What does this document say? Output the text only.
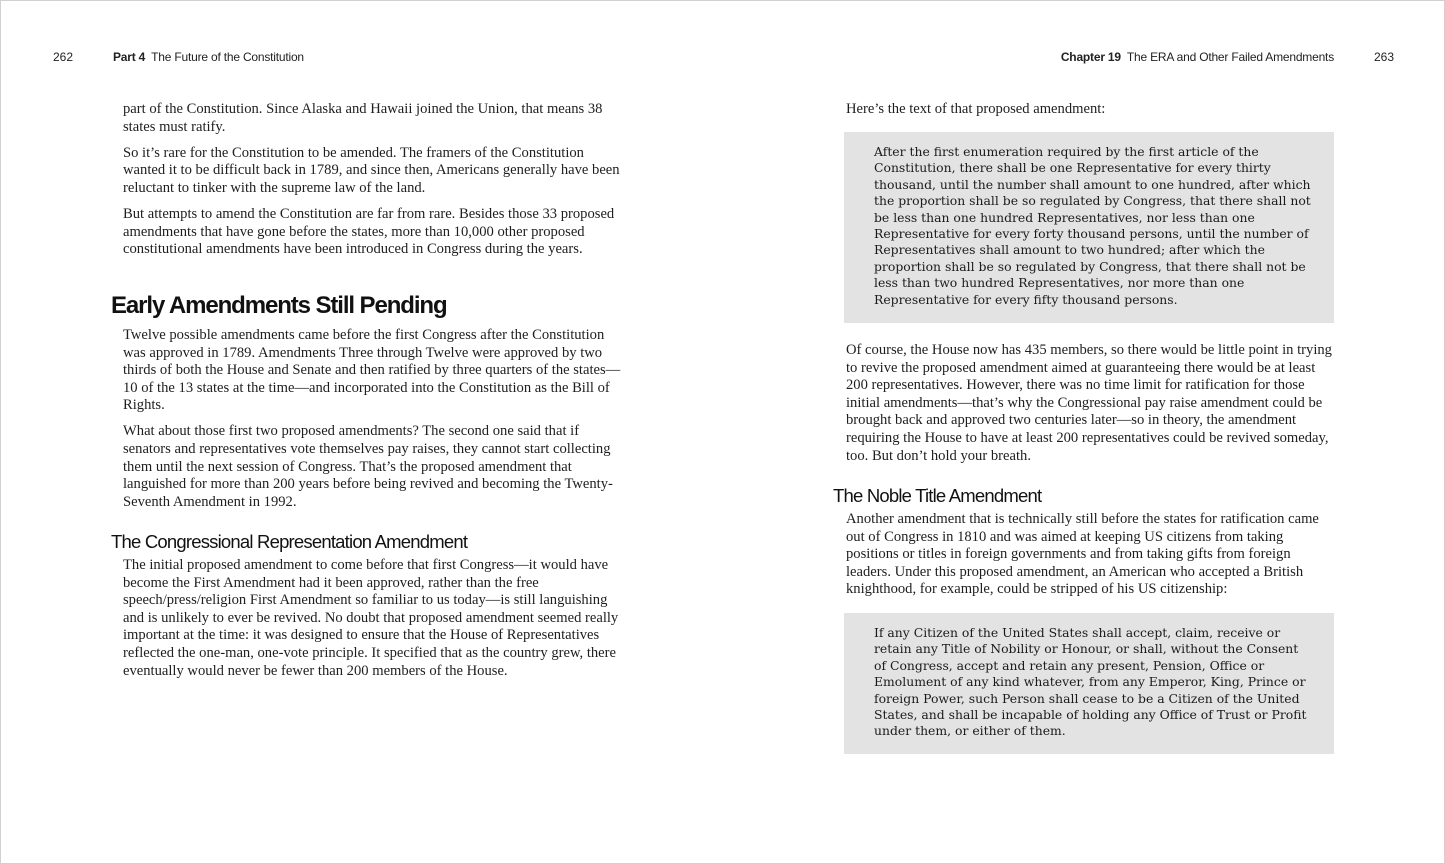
262	Part 4 The Future of the Constitution

part of the Constitution. Since Alaska and Hawaii joined the Union, that means 38 states must ratify.

So it’s rare for the Constitution to be amended. The framers of the Constitution wanted it to be difficult back in 1789, and since then, Americans generally have been reluctant to tinker with the supreme law of the land.

But attempts to amend the Constitution are far from rare. Besides those 33 proposed amendments that have gone before the states, more than 10,000 other proposed constitutional amendments have been introduced in Congress during the years.

Early Amendments Still Pending

Twelve possible amendments came before the first Congress after the Constitution was approved in 1789. Amendments Three through Twelve were approved by two thirds of both the House and Senate and then ratified by three quarters of the states—10 of the 13 states at the time—and incorporated into the Constitution as the Bill of Rights.

What about those first two proposed amendments? The second one said that if senators and representatives vote themselves pay raises, they cannot start collecting them until the next session of Congress. That’s the proposed amendment that languished for more than 200 years before being revived and becoming the Twenty-Seventh Amendment in 1992.

The Congressional Representation Amendment

The initial proposed amendment to come before that first Congress—it would have become the First Amendment had it been approved, rather than the free speech/press/religion First Amendment so familiar to us today—is still languishing and is unlikely to ever be revived. No doubt that proposed amendment seemed really important at the time: it was designed to ensure that the House of Representatives reflected the one-man, one-vote principle. It specified that as the country grew, there eventually would never be fewer than 200 members of the House.

Chapter 19 The ERA and Other Failed Amendments	263

Here’s the text of that proposed amendment:

After the first enumeration required by the first article of the Constitution, there shall be one Representative for every thirty thousand, until the number shall amount to one hundred, after which the proportion shall be so regulated by Congress, that there shall not be less than one hundred Representatives, nor less than one Representative for every forty thousand persons, until the number of Representatives shall amount to two hundred; after which the proportion shall be so regulated by Congress, that there shall not be less than two hundred Representatives, nor more than one Representative for every fifty thousand persons.

Of course, the House now has 435 members, so there would be little point in trying to revive the proposed amendment aimed at guaranteeing there would be at least 200 representatives. However, there was no time limit for ratification for those initial amendments—that’s why the Congressional pay raise amendment could be brought back and approved two centuries later—so in theory, the amendment requiring the House to have at least 200 representatives could be revived someday, too. But don’t hold your breath.

The Noble Title Amendment

Another amendment that is technically still before the states for ratification came out of Congress in 1810 and was aimed at keeping US citizens from taking positions or titles in foreign governments and from taking gifts from foreign leaders. Under this proposed amendment, an American who accepted a British knighthood, for example, could be stripped of his US citizenship:

If any Citizen of the United States shall accept, claim, receive or retain any Title of Nobility or Honour, or shall, without the Consent of Congress, accept and retain any present, Pension, Office or Emolument of any kind whatever, from any Emperor, King, Prince or foreign Power, such Person shall cease to be a Citizen of the United States, and shall be incapable of holding any Office of Trust or Profit under them, or either of them.
